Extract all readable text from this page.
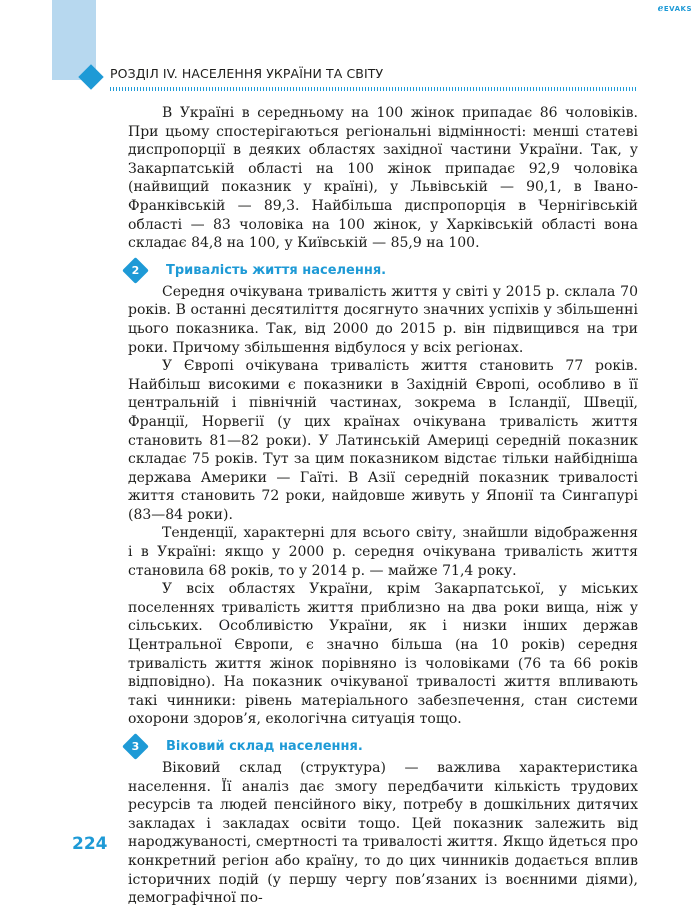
ℯEVAKS
РОЗДІЛ IV. НАСЕЛЕННЯ УКРАЇНИ ТА СВІТУ

В Україні в середньому на 100 жінок припадає 86 чоловіків. При цьому спостерігаються регіональні відмінності: менші статеві диспропорції в деяких областях західної частини України. Так, у Закарпатській області на 100 жінок припадає 92,9 чоловіка (найвищий показник у країні), у Львівській — 90,1, в Івано-Франківській — 89,3. Найбільша диспропорція в Чернігівській області — 83 чоловіка на 100 жінок, у Харківській області вона складає 84,8 на 100, у Київській — 85,9 на 100.

2	Тривалість життя населення.

Середня очікувана тривалість життя у світі у 2015 р. склала 70 років. В останні десятиліття досягнуто значних успіхів у збільшенні цього показника. Так, від 2000 до 2015 р. він підвищився на три роки. Причому збільшення відбулося у всіх регіонах.

У Європі очікувана тривалість життя становить 77 років. Найбільш високими є показники в Західній Європі, особливо в її центральній і північній частинах, зокрема в Ісландії, Швеції, Франції, Норвегії (у цих країнах очікувана тривалість життя становить 81—82 роки). У Латинській Америці середній показник складає 75 років. Тут за цим показником відстає тільки найбідніша держава Америки — Гаїті. В Азії середній показник тривалості життя становить 72 роки, найдовше живуть у Японії та Сингапурі (83—84 роки).

Тенденції, характерні для всього світу, знайшли відображення і в Україні: якщо у 2000 р. середня очікувана тривалість життя становила 68 років, то у 2014 р. — майже 71,4 року.

У всіх областях України, крім Закарпатської, у міських поселеннях тривалість життя приблизно на два роки вища, ніж у сільських. Особливістю України, як і низки інших держав Центральної Європи, є значно більша (на 10 років) середня тривалість життя жінок порівняно із чоловіками (76 та 66 років відповідно). На показник очікуваної тривалості життя впливають такі чинники: рівень матеріального забезпечення, стан системи охорони здоров’я, екологічна ситуація тощо.

3	Віковий склад населення.

Віковий склад (структура) — важлива характеристика населення. Її аналіз дає змогу передбачити кількість трудових ресурсів та людей пенсійного віку, потребу в дошкільних дитячих закладах і закладах освіти тощо. Цей показник залежить від народжуваності, смертності та тривалості життя. Якщо йдеться про конкретний регіон або країну, то до цих чинників додається вплив історичних подій (у першу чергу пов’язаних із воєнними діями), демографічної по-

224
